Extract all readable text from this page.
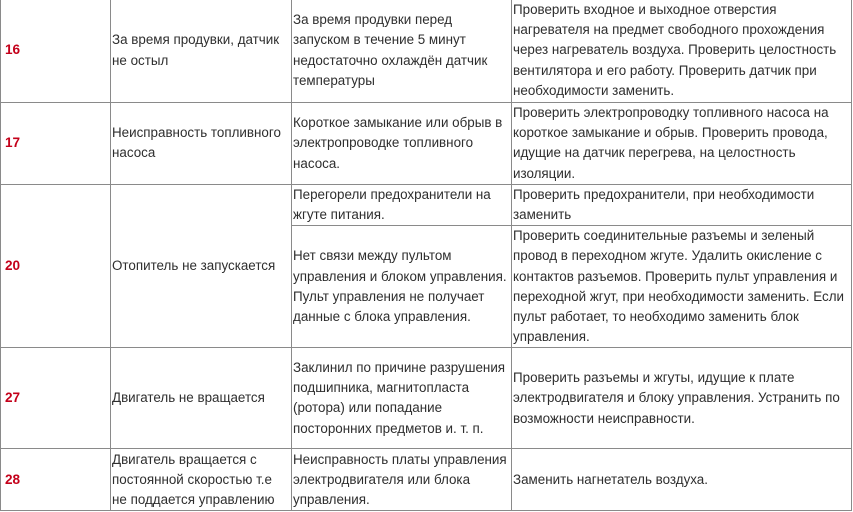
16	За время продувки, датчик не остыл	За время продувки перед запуском в течение 5 минут недостаточно охлаждён датчик температуры	Проверить входное и выходное отверстия нагревателя на предмет свободного прохождения через нагреватель воздуха. Проверить целостность вентилятора и его работу. Проверить датчик при необходимости заменить.
17	Неисправность топливного насоса	Короткое замыкание или обрыв в электропроводке топливного насоса.	Проверить электропроводку топливного насоса на короткое замыкание и обрыв. Проверить провода, идущие на датчик перегрева, на целостность изоляции.
20	Отопитель не запускается	Перегорели предохранители на жгуте питания.	Проверить предохранители, при необходимости заменить
		Нет связи между пультом управления и блоком управления. Пульт управления не получает данные с блока управления.	Проверить соединительные разъемы и зеленый провод в переходном жгуте. Удалить окисление с контактов разъемов. Проверить пульт управления и переходной жгут, при необходимости заменить. Если пульт работает, то необходимо заменить блок управления.
27	Двигатель не вращается	Заклинил по причине разрушения подшипника, магнитопласта (ротора) или попадание посторонних предметов и. т. п.	Проверить разъемы и жгуты, идущие к плате электродвигателя и блоку управления. Устранить по возможности неисправности.
28	Двигатель вращается с постоянной скоростью т.е не поддается управлению	Неисправность платы управления электродвигателя или блока управления.	Заменить нагнетатель воздуха.
